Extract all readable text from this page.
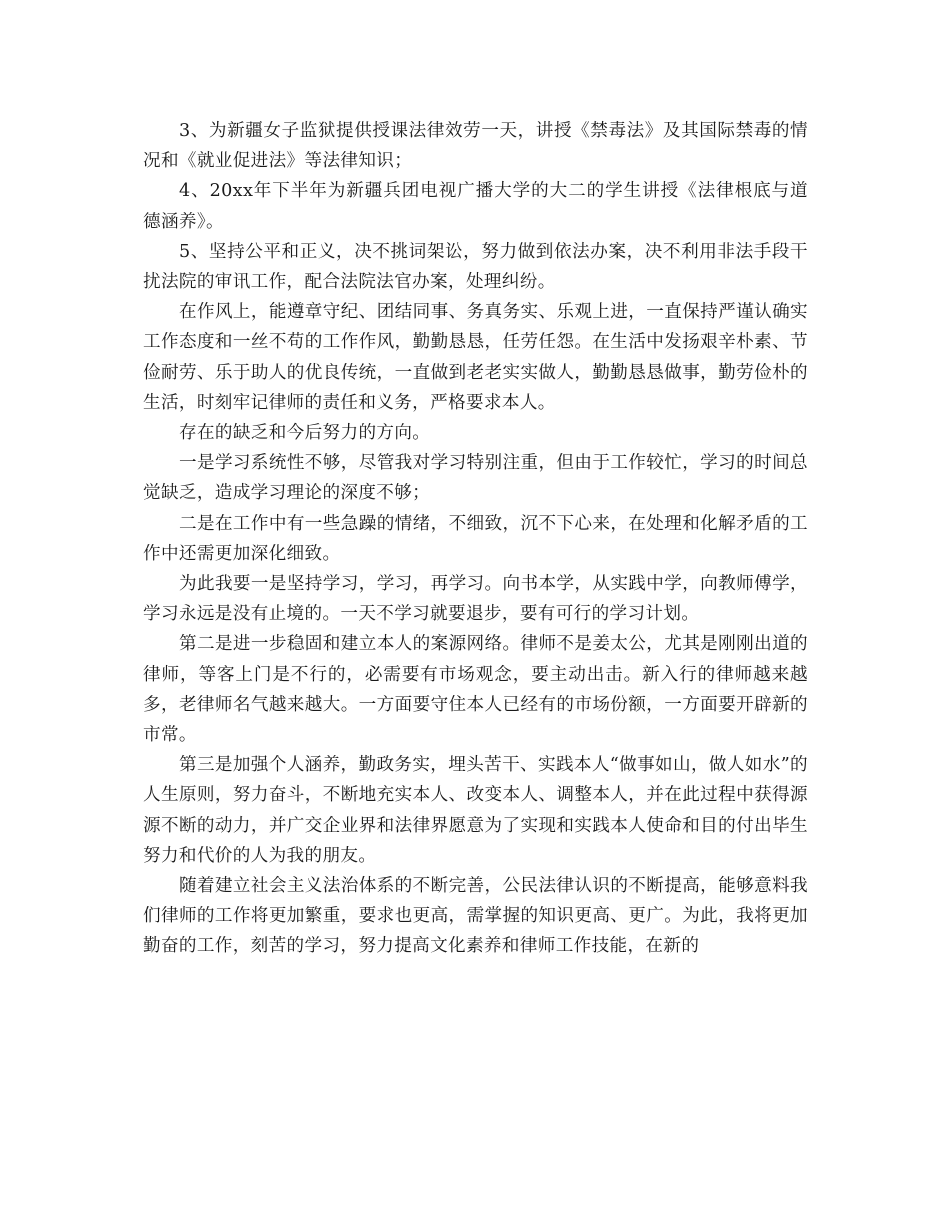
3、为新疆女子监狱提供授课法律效劳一天，讲授《禁毒法》及其国际禁毒的情况和《就业促进法》等法律知识；

4、20xx年下半年为新疆兵团电视广播大学的大二的学生讲授《法律根底与道德涵养》。

5、坚持公平和正义，决不挑词架讼，努力做到依法办案，决不利用非法手段干扰法院的审讯工作，配合法院法官办案，处理纠纷。

在作风上，能遵章守纪、团结同事、务真务实、乐观上进，一直保持严谨认确实工作态度和一丝不苟的工作作风，勤勤恳恳，任劳任怨。在生活中发扬艰辛朴素、节俭耐劳、乐于助人的优良传统，一直做到老老实实做人，勤勤恳恳做事，勤劳俭朴的生活，时刻牢记律师的责任和义务，严格要求本人。

存在的缺乏和今后努力的方向。

一是学习系统性不够，尽管我对学习特别注重，但由于工作较忙，学习的时间总觉缺乏，造成学习理论的深度不够；

二是在工作中有一些急躁的情绪，不细致，沉不下心来，在处理和化解矛盾的工作中还需更加深化细致。

为此我要一是坚持学习，学习，再学习。向书本学，从实践中学，向教师傅学，学习永远是没有止境的。一天不学习就要退步，要有可行的学习计划。

第二是进一步稳固和建立本人的案源网络。律师不是姜太公，尤其是刚刚出道的律师，等客上门是不行的，必需要有市场观念，要主动出击。新入行的律师越来越多，老律师名气越来越大。一方面要守住本人已经有的市场份额，一方面要开辟新的市常。

第三是加强个人涵养，勤政务实，埋头苦干、实践本人“做事如山，做人如水”的人生原则，努力奋斗，不断地充实本人、改变本人、调整本人，并在此过程中获得源源不断的动力，并广交企业界和法律界愿意为了实现和实践本人使命和目的付出毕生努力和代价的人为我的朋友。

随着建立社会主义法治体系的不断完善，公民法律认识的不断提高，能够意料我们律师的工作将更加繁重，要求也更高，需掌握的知识更高、更广。为此，我将更加勤奋的工作，刻苦的学习，努力提高文化素养和律师工作技能，在新的
